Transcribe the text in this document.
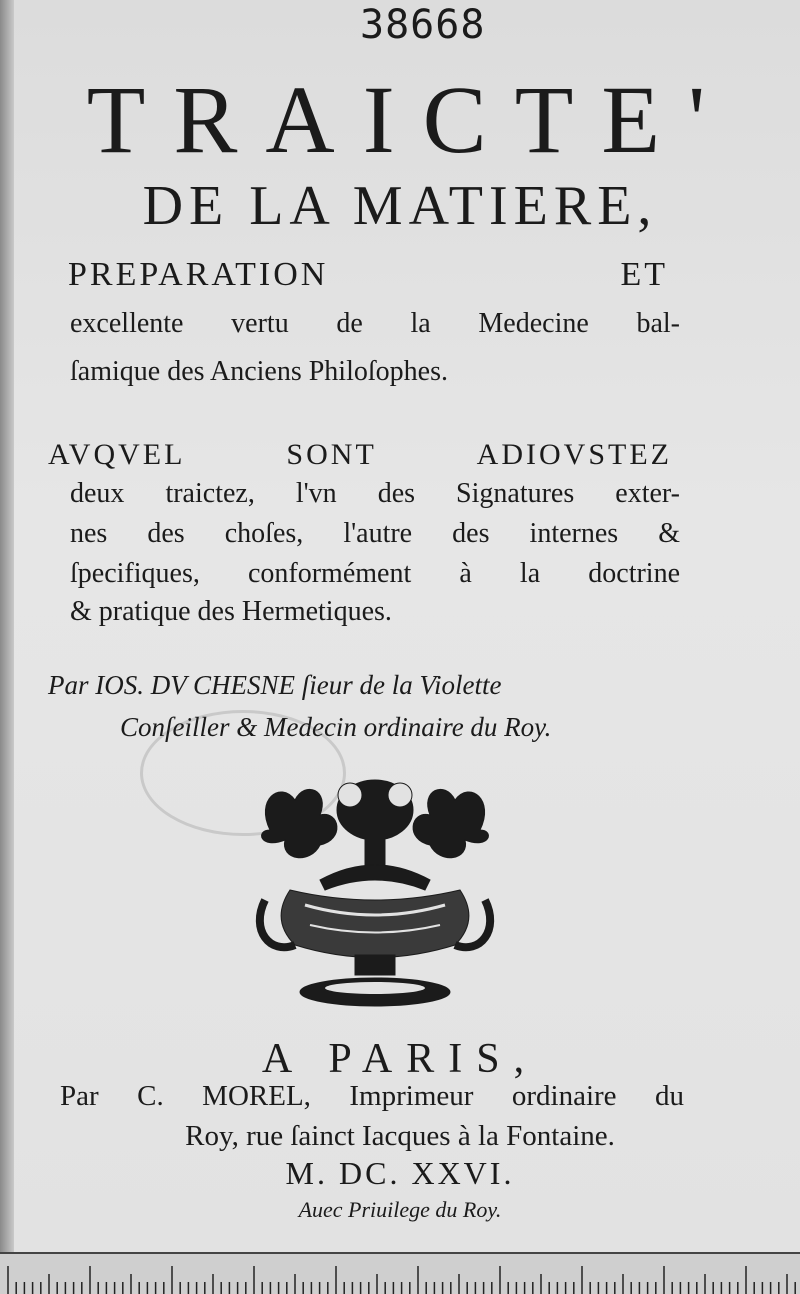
38668
TRAICTE'
DE LA MATIERE,
PREPARATION ET
excellente vertu de la Medecine bal-
ſamique des Anciens Philoſophes.
AVQVEL SONT ADIOVSTEZ
deux traictez, l'vn des Signatures exter-
nes des choſes, l'autre des internes &
ſpecifiques, conformément à la doctrine
& pratique des Hermetiques.
Par IOS. DV CHESNE ſieur de la Violette
Conſeiller & Medecin ordinaire du Roy.
A PARIS,
Par C. MOREL, Imprimeur ordinaire du
Roy, rue ſainct Iacques à la Fontaine.
M. DC. XXVI.
Auec Priuilege du Roy.
